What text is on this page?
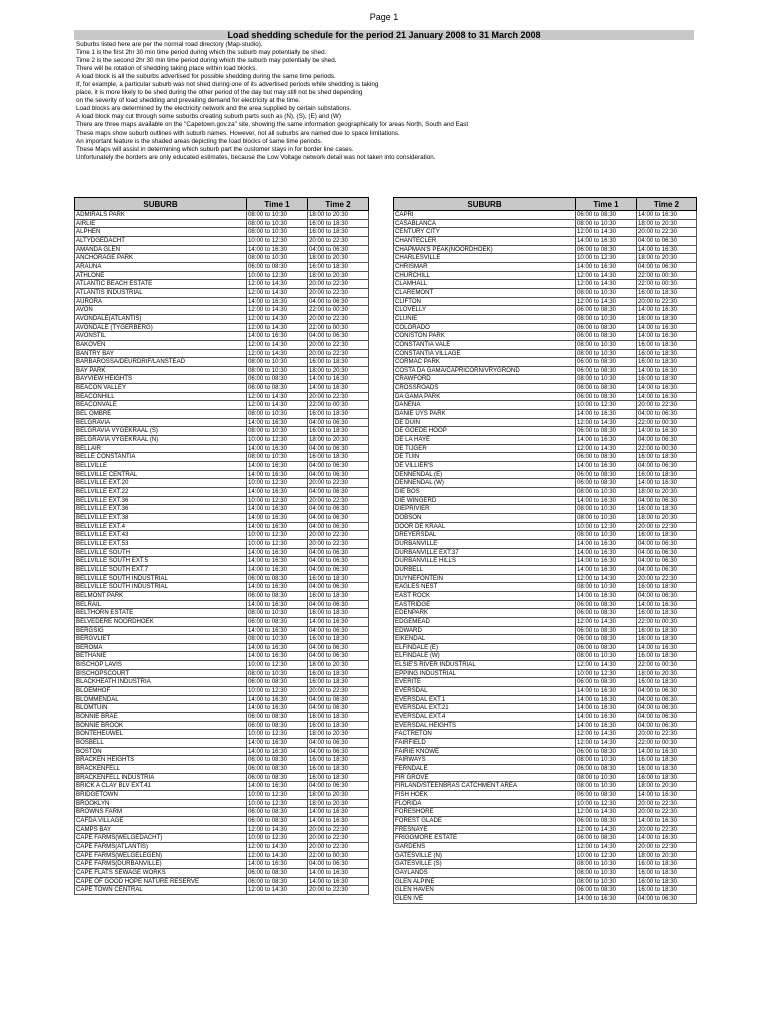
Page 1
Load shedding schedule for the period 21 January 2008 to 31 March 2008
Suburbs listed here are per the normal road directory (Map-studio).
Time 1 is the first 2hr 30 min time period during which the suburb may potentially be shed.
Time 2 is the second 2hr 30 min time period during which the suburb may potentially be shed.
There will be rotation of shedding taking place within load blocks.
A load block is all the suburbs advertised for possible shedding during the same time periods.
If, for example, a particular suburb was not shed during one of its advertised periods while shedding is taking
place, it is more likely to be shed during the other period of the day but may still not be shed depending
on the severity of load shedding and prevailing demand for electricity at the time.
Load blocks are determined by the electricity network and the area supplied by certain substations.
A load block may cut through some suburbs creating suburb parts such as (N), (S), (E) and (W)
There are three maps available on the "Capetown.gov.za" site, showing the same information geographically for areas North, South and East
These maps show suburb outlines with suburb names. However, not all suburbs are named due to space limitations.
An important feature is the shaded areas depicting the load blocks of same time periods.
These Maps will assist in determining which suburb part the customer stays in for border line cases.
Unfortunately the borders are only educated estimates, because the Low Voltage network detail was not taken into consideration.
SUBURB	Time 1	Time 2
ADMIRALS PARK	08:00 to 10:30	18:00 to 20:30
AIRLIE	08:00 to 10:30	16:00 to 18:30
ALPHEN	08:00 to 10:30	16:00 to 18:30
ALTYDGEDACHT	10:00 to 12:30	20:00 to 22:30
AMANDA GLEN	14:00 to 16:30	04:00 to 06:30
ANCHORAGE PARK	08:00 to 10:30	18:00 to 20:30
ARAUNA	06:00 to 08:30	16:00 to 18:30
ATHLONE	10:00 to 12:30	18:00 to 20:30
ATLANTIC BEACH ESTATE	12:00 to 14:30	20:00 to 22:30
ATLANTIS INDUSTRIAL	12:00 to 14:30	20:00 to 22:30
AURORA	14:00 to 16:30	04:00 to 06:30
AVON	12:00 to 14:30	22:00 to 00:30
AVONDALE(ATLANTIS)	12:00 to 14:30	20:00 to 22:30
AVONDALE (TYGERBERG)	12:00 to 14:30	22:00 to 00:30
AVONSTIL	14:00 to 16:30	04:00 to 06:30
BAKOVEN	12:00 to 14:30	20:00 to 22:30
BANTRY BAY	12:00 to 14:30	20:00 to 22:30
BARBAROSSA/DEURDRIF/LANSTEAD	08:00 to 10:30	16:00 to 18:30
BAY PARK	08:00 to 10:30	18:00 to 20:30
BAYVIEW HEIGHTS	06:00 to 08:30	14:00 to 16:30
BEACON VALLEY	06:00 to 08:30	14:00 to 16:30
BEACONHILL	12:00 to 14:30	20:00 to 22:30
BEACONVALE	12:00 to 14:30	22:00 to 00:30
BEL OMBRE	08:00 to 10:30	16:00 to 18:30
BELGRAVIA	14:00 to 16:30	04:00 to 06:30
BELGRAVIA VYGEKRAAL (S)	08:00 to 10:30	16:00 to 18:30
BELGRAVIA VYGEKRAAL (N)	10:00 to 12:30	18:00 to 20:30
BELLAIR	14:00 to 16:30	04:00 to 06:30
BELLE CONSTANTIA	08:00 to 10:30	16:00 to 18:30
BELLVILLE	14:00 to 16:30	04:00 to 06:30
BELLVILLE CENTRAL	14:00 to 16:30	04:00 to 06:30
BELLVILLE EXT.20	10:00 to 12:30	20:00 to 22:30
BELLVILLE EXT.22	14:00 to 16:30	04:00 to 06:30
BELLVILLE EXT.36	10:00 to 12:30	20:00 to 22:30
BELLVILLE EXT.36	14:00 to 16:30	04:00 to 06:30
BELLVILLE EXT.38	14:00 to 16:30	04:00 to 06:30
BELLVILLE EXT.4	14:00 to 16:30	04:00 to 06:30
BELLVILLE EXT.43	10:00 to 12:30	20:00 to 22:30
BELLVILLE EXT.53	10:00 to 12:30	20:00 to 22:30
BELLVILLE SOUTH	14:00 to 16:30	04:00 to 06:30
BELLVILLE SOUTH EXT.5	14:00 to 16:30	04:00 to 06:30
BELLVILLE SOUTH EXT.7	14:00 to 16:30	04:00 to 06:30
BELLVILLE SOUTH INDUSTRIAL	06:00 to 08:30	16:00 to 18:30
BELLVILLE SOUTH INDUSTRIAL	14:00 to 16:30	04:00 to 06:30
BELMONT PARK	06:00 to 08:30	16:00 to 18:30
BELRAIL	14:00 to 16:30	04:00 to 06:30
BELTHORN ESTATE	08:00 to 10:30	16:00 to 18:30
BELVEDERE NOORDHOEK	06:00 to 08:30	14:00 to 16:30
BERGSIG	14:00 to 16:30	04:00 to 06:30
BERGVLIET	08:00 to 10:30	16:00 to 18:30
BEROMA	14:00 to 16:30	04:00 to 06:30
BETHANIE	14:00 to 16:30	04:00 to 06:30
BISCHOP LAVIS	10:00 to 12:30	18:00 to 20:30
BISCHOPSCOURT	08:00 to 10:30	16:00 to 18:30
BLACKHEATH INDUSTRIA	06:00 to 08:30	16:00 to 18:30
BLOEMHOF	10:00 to 12:30	20:00 to 22:30
BLOMMENDAL	14:00 to 16:30	04:00 to 06:30
BLOMTUIN	14:00 to 16:30	04:00 to 06:30
BONNIE BRAE	06:00 to 08:30	16:00 to 18:30
BONNIE BROOK	06:00 to 08:30	16:00 to 18:30
BONTEHEUWEL	10:00 to 12:30	18:00 to 20:30
BOSBELL	14:00 to 16:30	04:00 to 06:30
BOSTON	14:00 to 16:30	04:00 to 06:30
BRACKEN HEIGHTS	06:00 to 08:30	16:00 to 18:30
BRACKENFELL	06:00 to 08:30	16:00 to 18:30
BRACKENFELL INDUSTRIA	06:00 to 08:30	16:00 to 18:30
BRICK A CLAY BLV EXT.41	14:00 to 16:30	04:00 to 06:30
BRIDGETOWN	10:00 to 12:30	18:00 to 20:30
BROOKLYN	10:00 to 12:30	18:00 to 20:30
BROWNS FARM	06:00 to 08:30	14:00 to 16:30
CAFDA VILLAGE	06:00 to 08:30	14:00 to 16:30
CAMPS BAY	12:00 to 14:30	20:00 to 22:30
CAPE FARMS(WELGEDACHT)	10:00 to 12:30	20:00 to 22:30
CAPE FARMS(ATLANTIS)	12:00 to 14:30	20:00 to 22:30
CAPE FARMS(WELGELEGEN)	12:00 to 14:30	22:00 to 00:30
CAPE FARMS(DURBANVILLE)	14:00 to 16:30	04:00 to 06:30
CAPE FLATS SEWAGE WORKS	06:00 to 08:30	14:00 to 16:30
CAPE OF GOOD HOPE NATURE RESERVE	06:00 to 08:30	14:00 to 16:30
CAPE TOWN CENTRAL	12:00 to 14:30	20:00 to 22:30
SUBURB	Time 1	Time 2
CAPRI	06:00 to 08:30	14:00 to 16:30
CASABLANCA	08:00 to 10:30	18:00 to 20:30
CENTURY CITY	12:00 to 14:30	20:00 to 22:30
CHANTECLER	14:00 to 16:30	04:00 to 06:30
CHAPMAN'S PEAK(NOORDHOEK)	06:00 to 08:30	14:00 to 16:30
CHARLESVILLE	10:00 to 12:30	18:00 to 20:30
CHRISMAR	14:00 to 16:30	04:00 to 06:30
CHURCHILL	12:00 to 14:30	22:00 to 00:30
CLAMHALL	12:00 to 14:30	22:00 to 00:30
CLAREMONT	08:00 to 10:30	16:00 to 18:30
CLIFTON	12:00 to 14:30	20:00 to 22:30
CLOVELLY	06:00 to 08:30	14:00 to 16:30
CLUNIE	08:00 to 10:30	16:00 to 18:30
COLORADO	06:00 to 08:30	14:00 to 16:30
CONISTON PARK	06:00 to 08:30	14:00 to 16:30
CONSTANTIA VALE	08:00 to 10:30	16:00 to 18:30
CONSTANTIA VILLAGE	08:00 to 10:30	16:00 to 18:30
CORMAC PARK	06:00 to 08:30	16:00 to 18:30
COSTA DA GAMA/CAPRICORN/VRYGROND	06:00 to 08:30	14:00 to 16:30
CRAWFORD	08:00 to 10:30	16:00 to 18:30
CROSSROADS	06:00 to 08:30	14:00 to 16:30
DA GAMA PARK	06:00 to 08:30	14:00 to 16:30
DANENA	10:00 to 12:30	20:00 to 22:30
DANIE UYS PARK	14:00 to 16:30	04:00 to 06:30
DE DUIN	12:00 to 14:30	22:00 to 00:30
DE GOEDE HOOP	06:00 to 08:30	14:00 to 16:30
DE LA HAYE	14:00 to 16:30	04:00 to 06:30
DE TIJGER	12:00 to 14:30	22:00 to 00:30
DE TUIN	06:00 to 08:30	16:00 to 18:30
DE VILLIER'S	14:00 to 16:30	04:00 to 06:30
DENNENDAL (E)	06:00 to 08:30	16:00 to 18:30
DENNENDAL (W)	06:00 to 08:30	14:00 to 16:30
DIE BOS	08:00 to 10:30	18:00 to 20:30
DIE WINGERD	14:00 to 16:30	04:00 to 06:30
DIEPRIVIER	08:00 to 10:30	16:00 to 18:30
DOBSON	08:00 to 10:30	18:00 to 20:30
DOOR DE KRAAL	10:00 to 12:30	20:00 to 22:30
DREYERSDAL	08:00 to 10:30	16:00 to 18:30
DURBANVILLE	14:00 to 16:30	04:00 to 06:30
DURBANVILLE EXT.37	14:00 to 16:30	04:00 to 06:30
DURBANVILLE HILLS	14:00 to 16:30	04:00 to 06:30
DURBELL	14:00 to 16:30	04:00 to 06:30
DUYNEFONTEIN	12:00 to 14:30	20:00 to 22:30
EAGLES NEST	08:00 to 10:30	16:00 to 18:30
EAST ROCK	14:00 to 16:30	04:00 to 06:30
EASTRIDGE	06:00 to 08:30	14:00 to 16:30
EDENPARK	06:00 to 08:30	16:00 to 18:30
EDGEMEAD	12:00 to 14:30	22:00 to 00:30
EDWARD	06:00 to 08:30	16:00 to 18:30
EIKENDAL	06:00 to 08:30	16:00 to 18:30
ELFINDALE (E)	06:00 to 08:30	14:00 to 16:30
ELFINDALE (W)	08:00 to 10:30	16:00 to 18:30
ELSIE'S RIVER INDUSTRIAL	12:00 to 14:30	22:00 to 00:30
EPPING INDUSTRIAL	10:00 to 12:30	18:00 to 20:30
EVERITE	06:00 to 08:30	16:00 to 18:30
EVERSDAL	14:00 to 16:30	04:00 to 06:30
EVERSDAL EXT.1	14:00 to 16:30	04:00 to 06:30
EVERSDAL EXT.21	14:00 to 16:30	04:00 to 06:30
EVERSDAL EXT.4	14:00 to 16:30	04:00 to 06:30
EVERSDAL HEIGHTS	14:00 to 16:30	04:00 to 06:30
FACTRETON	12:00 to 14:30	20:00 to 22:30
FAIRFIELD	12:00 to 14:30	22:00 to 00:30
FAIRIE KNOWE	06:00 to 08:30	14:00 to 16:30
FAIRWAYS	08:00 to 10:30	16:00 to 18:30
FERNDALE	06:00 to 08:30	16:00 to 18:30
FIR GROVE	08:00 to 10:30	16:00 to 18:30
FIRLAND/STEENBRAS CATCHMENT AREA	08:00 to 10:30	18:00 to 20:30
FISH HOEK	06:00 to 08:30	14:00 to 16:30
FLORIDA	10:00 to 12:30	20:00 to 22:30
FORESHORE	12:00 to 14:30	20:00 to 22:30
FOREST GLADE	06:00 to 08:30	14:00 to 16:30
FRESNAYE	12:00 to 14:30	20:00 to 22:30
FRIGGMORE ESTATE	06:00 to 08:30	14:00 to 16:30
GARDENS	12:00 to 14:30	20:00 to 22:30
GATESVILLE (N)	10:00 to 12:30	18:00 to 20:30
GATESVILLE (S)	08:00 to 10:30	16:00 to 18:30
GAYLANDS	08:00 to 10:30	16:00 to 18:30
GLEN ALPINE	08:00 to 10:30	16:00 to 18:30
GLEN HAVEN	06:00 to 08:30	16:00 to 18:30
GLEN IVE	14:00 to 16:30	04:00 to 06:30
